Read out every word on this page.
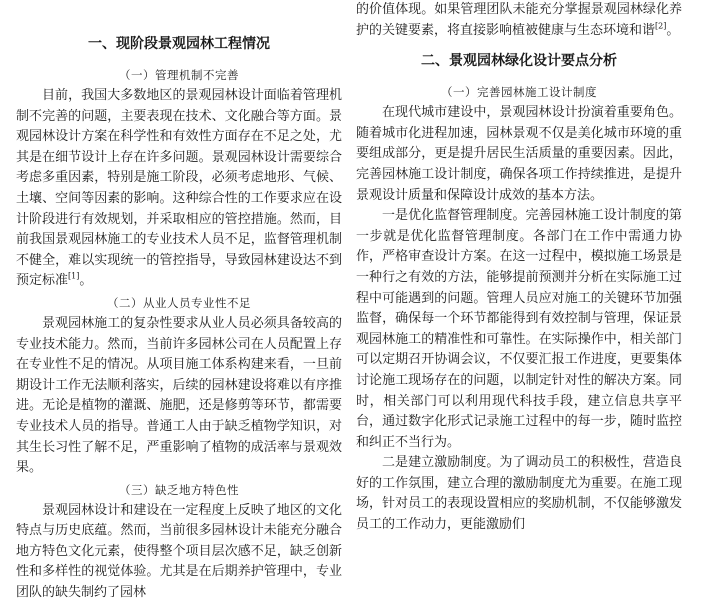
一、现阶段景观园林工程情况
（一）管理机制不完善

目前，我国大多数地区的景观园林设计面临着管理机制不完善的问题，主要表现在技术、文化融合等方面。景观园林设计方案在科学性和有效性方面存在不足之处，尤其是在细节设计上存在许多问题。景观园林设计需要综合考虑多重因素，特别是施工阶段，必须考虑地形、气候、土壤、空间等因素的影响。这种综合性的工作要求应在设计阶段进行有效规划，并采取相应的管控措施。然而，目前我国景观园林施工的专业技术人员不足，监督管理机制不健全，难以实现统一的管控指导，导致园林建设达不到预定标准[1]。

（二）从业人员专业性不足

景观园林施工的复杂性要求从业人员必须具备较高的专业技术能力。然而，当前许多园林公司在人员配置上存在专业性不足的情况。从项目施工体系构建来看，一旦前期设计工作无法顺利落实，后续的园林建设将难以有序推进。无论是植物的灌溉、施肥，还是修剪等环节，都需要专业技术人员的指导。普通工人由于缺乏植物学知识，对其生长习性了解不足，严重影响了植物的成活率与景观效果。

（三）缺乏地方特色性

景观园林设计和建设在一定程度上反映了地区的文化特点与历史底蕴。然而，当前很多园林设计未能充分融合地方特色文化元素，使得整个项目层次感不足，缺乏创新性和多样性的视觉体验。尤其是在后期养护管理中，专业团队的缺失制约了园林

的价值体现。如果管理团队未能充分掌握景观园林绿化养护的关键要素，将直接影响植被健康与生态环境和谐[2]。

二、景观园林绿化设计要点分析
（一）完善园林施工设计制度

在现代城市建设中，景观园林设计扮演着重要角色。随着城市化进程加速，园林景观不仅是美化城市环境的重要组成部分，更是提升居民生活质量的重要因素。因此，完善园林施工设计制度，确保各项工作持续推进，是提升景观设计质量和保障设计成效的基本方法。

一是优化监督管理制度。完善园林施工设计制度的第一步就是优化监督管理制度。各部门在工作中需通力协作，严格审查设计方案。在这一过程中，模拟施工场景是一种行之有效的方法，能够提前预测并分析在实际施工过程中可能遇到的问题。管理人员应对施工的关键环节加强监督，确保每一个环节都能得到有效控制与管理，保证景观园林施工的精准性和可靠性。在实际操作中，相关部门可以定期召开协调会议，不仅要汇报工作进度，更要集体讨论施工现场存在的问题，以制定针对性的解决方案。同时，相关部门可以利用现代科技手段，建立信息共享平台，通过数字化形式记录施工过程中的每一步，随时监控和纠正不当行为。

二是建立激励制度。为了调动员工的积极性，营造良好的工作氛围，建立合理的激励制度尤为重要。在施工现场，针对员工的表现设置相应的奖励机制，不仅能够激发员工的工作动力，更能激励们
